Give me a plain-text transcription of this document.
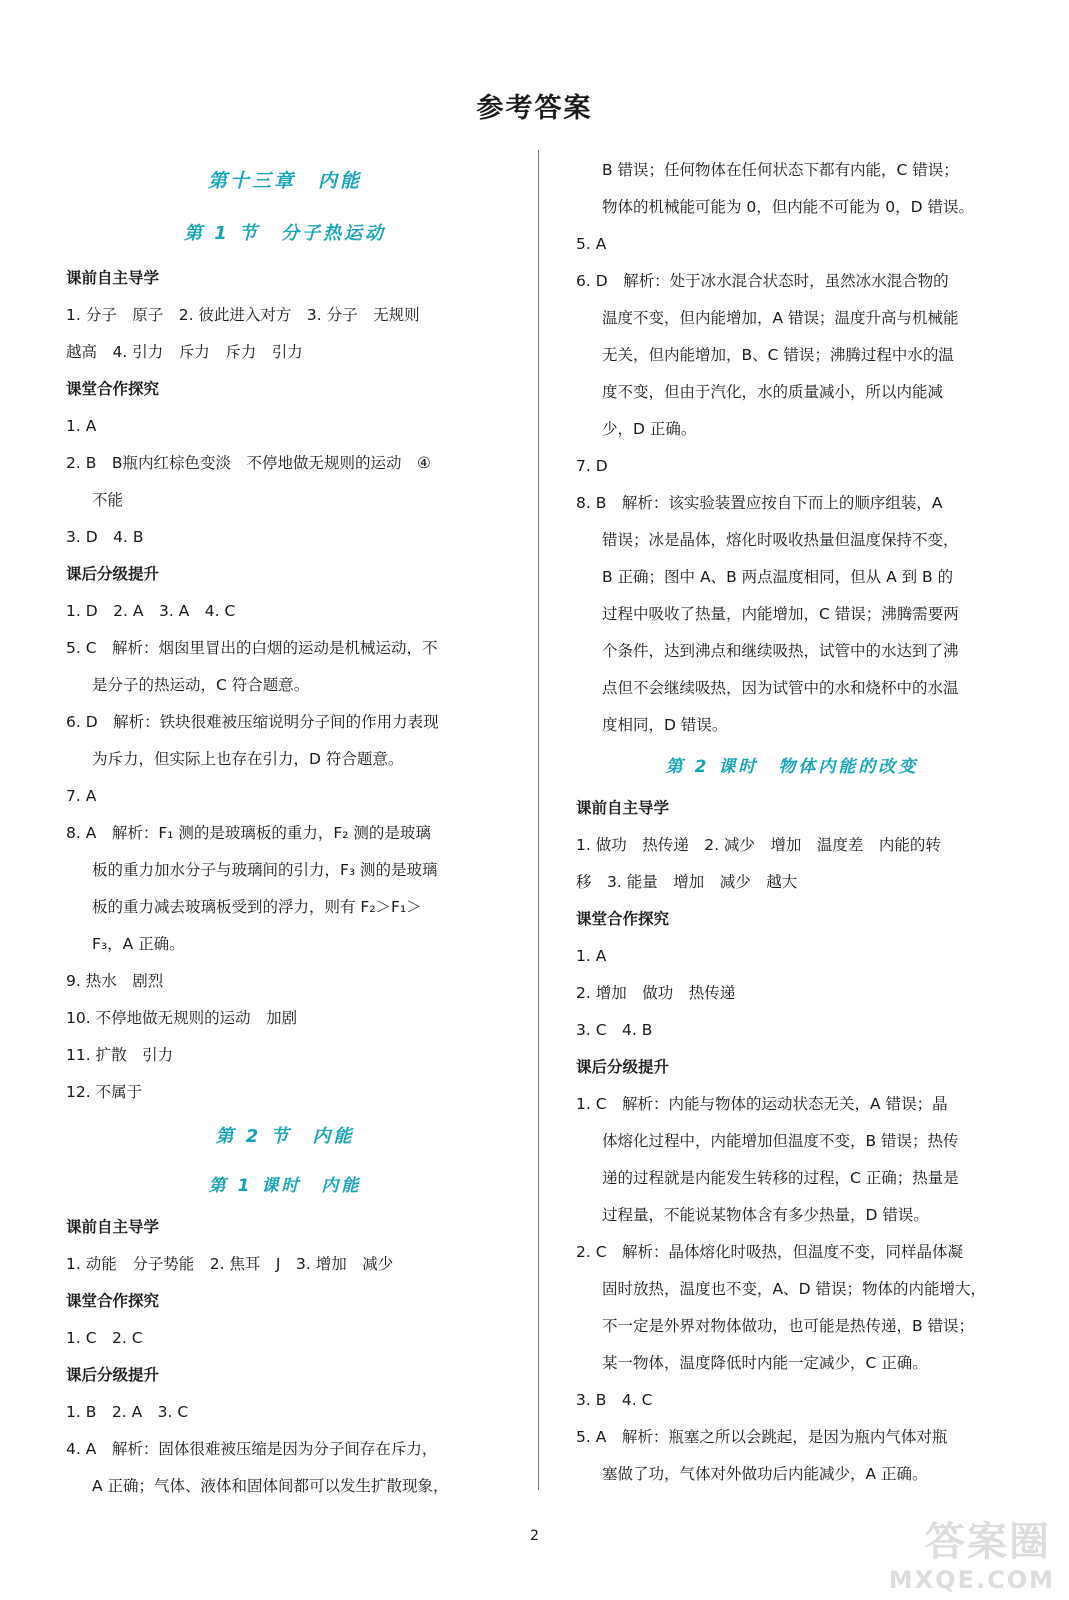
参考答案
第十三章　内能
第 1 节　分子热运动
课前自主导学
1. 分子　原子　2. 彼此进入对方　3. 分子　无规则
越高　4. 引力　斥力　斥力　引力
课堂合作探究
1. A
2. B　B瓶内红棕色变淡　不停地做无规则的运动　④
不能
3. D　4. B
课后分级提升
1. D　2. A　3. A　4. C
5. C　解析：烟囱里冒出的白烟的运动是机械运动，不
是分子的热运动，C 符合题意。
6. D　解析：铁块很难被压缩说明分子间的作用力表现
为斥力，但实际上也存在引力，D 符合题意。
7. A
8. A　解析：F₁ 测的是玻璃板的重力，F₂ 测的是玻璃
板的重力加水分子与玻璃间的引力，F₃ 测的是玻璃
板的重力减去玻璃板受到的浮力，则有 F₂＞F₁＞
F₃，A 正确。
9. 热水　剧烈
10. 不停地做无规则的运动　加剧
11. 扩散　引力
12. 不属于
第 2 节　内能
第 1 课时　内能
课前自主导学
1. 动能　分子势能　2. 焦耳　J　3. 增加　减少
课堂合作探究
1. C　2. C
课后分级提升
1. B　2. A　3. C
4. A　解析：固体很难被压缩是因为分子间存在斥力，
A 正确；气体、液体和固体间都可以发生扩散现象，
B 错误；任何物体在任何状态下都有内能，C 错误；
物体的机械能可能为 0，但内能不可能为 0，D 错误。
5. A
6. D　解析：处于冰水混合状态时，虽然冰水混合物的
温度不变，但内能增加，A 错误；温度升高与机械能
无关，但内能增加，B、C 错误；沸腾过程中水的温
度不变，但由于汽化，水的质量减小，所以内能减
少，D 正确。
7. D
8. B　解析：该实验装置应按自下而上的顺序组装，A
错误；冰是晶体，熔化时吸收热量但温度保持不变，
B 正确；图中 A、B 两点温度相同，但从 A 到 B 的
过程中吸收了热量，内能增加，C 错误；沸腾需要两
个条件，达到沸点和继续吸热，试管中的水达到了沸
点但不会继续吸热，因为试管中的水和烧杯中的水温
度相同，D 错误。
第 2 课时　物体内能的改变
课前自主导学
1. 做功　热传递　2. 减少　增加　温度差　内能的转
移　3. 能量　增加　减少　越大
课堂合作探究
1. A
2. 增加　做功　热传递
3. C　4. B
课后分级提升
1. C　解析：内能与物体的运动状态无关，A 错误；晶
体熔化过程中，内能增加但温度不变，B 错误；热传
递的过程就是内能发生转移的过程，C 正确；热量是
过程量，不能说某物体含有多少热量，D 错误。
2. C　解析：晶体熔化时吸热，但温度不变，同样晶体凝
固时放热，温度也不变，A、D 错误；物体的内能增大，
不一定是外界对物体做功，也可能是热传递，B 错误；
某一物体，温度降低时内能一定减少，C 正确。
3. B　4. C
5. A　解析：瓶塞之所以会跳起，是因为瓶内气体对瓶
塞做了功，气体对外做功后内能减少，A 正确。
2	答案圈
MXQE.COM
